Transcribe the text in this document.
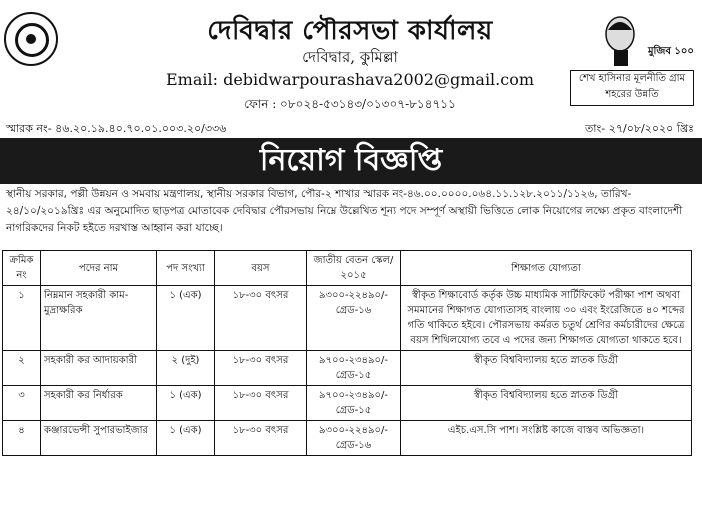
দেবিদ্বার পৌরসভা কার্যালয়
দেবিদ্বার, কুমিল্লা
Email: debidwarpourashava2002@gmail.com
ফোন : ০৮০২৪-৫৩১৪৩/০১৩০৭-৮১৪৭১১
মুজিব ১০০
শেখ হাসিনার মূলনীতি গ্রাম শহরের উন্নতি
স্মারক নং- ৪৬.২০.১৯.৪০.৭০.০১.০০৩.২০/৩৩৬	তাং- ২৭/০৮/২০২০ খ্রিঃ
নিয়োগ বিজ্ঞপ্তি
স্থানীয় সরকার, পল্লী উন্নয়ন ও সমবায় মন্ত্রণালয়, স্থানীয় সরকার বিভাগ, পৌর-২ শাখার স্মারক নং-৪৬.০০.০০০০.০৬৪.১১.১২৮.২০১১/১১২৬, তারিখ- ২৪/১০/২০১৯খ্রিঃ এর অনুমোদিত ছাড়পত্র মোতাবেক দেবিদ্বার পৌরসভায় নিম্নে উল্লেখিত শূন্য পদে সম্পূর্ণ অস্থায়ী ভিত্তিতে লোক নিয়োগের লক্ষ্যে প্রকৃত বাংলাদেশী নাগরিকদের নিকট হইতে দরখাস্ত আহ্বান করা যাচ্ছে।
ক্রমিক নং	পদের নাম	পদ সংখ্যা	বয়স	জাতীয় বেতন স্কেল/২০১৫	শিক্ষাগত যোগ্যতা
১	নিম্নমান সহকারী কাম-মুদ্রাক্ষরিক	১ (এক)	১৮-৩০ বৎসর	৯৩০০-২২৪৯০/- গ্রেড-১৬	স্বীকৃত শিক্ষাবোর্ড কর্তৃক উচ্চ মাধ্যমিক সার্টিফিকেট পরীক্ষা পাশ অথবা সমমানের শিক্ষাগত যোগ্যতাসহ বাংলায় ৩০ এবং ইংরেজিতে ৪০ শব্দের গতি থাকিতে হইবে। পৌরসভায় কর্মরত চতুর্থ শ্রেণির কর্মচারীদের ক্ষেত্রে বয়স শিথিলযোগ্য তবে এ পদের জন্য শিক্ষাগত যোগ্যতা থাকতে হবে।
২	সহকারী কর আদায়কারী	২ (দুই)	১৮-৩০ বৎসর	৯৭০০-২৩৪৯০/- গ্রেড-১৫	স্বীকৃত বিশ্ববিদ্যালয় হতে স্নাতক ডিগ্রী
৩	সহকারী কর নির্ধারক	১ (এক)	১৮-৩০ বৎসর	৯৭০০-২৩৪৯০/- গ্রেড-১৫	স্বীকৃত বিশ্ববিদ্যালয় হতে স্নাতক ডিগ্রী
৪	কঞ্জারভেন্সী সুপারভাইজার	১ (এক)	১৮-৩০ বৎসর	৯৩০০-২২৪৯০/- গ্রেড-১৬	এইচ.এস.সি পাশ। সংশ্লিষ্ট কাজে বাস্তব অভিজ্ঞতা।
